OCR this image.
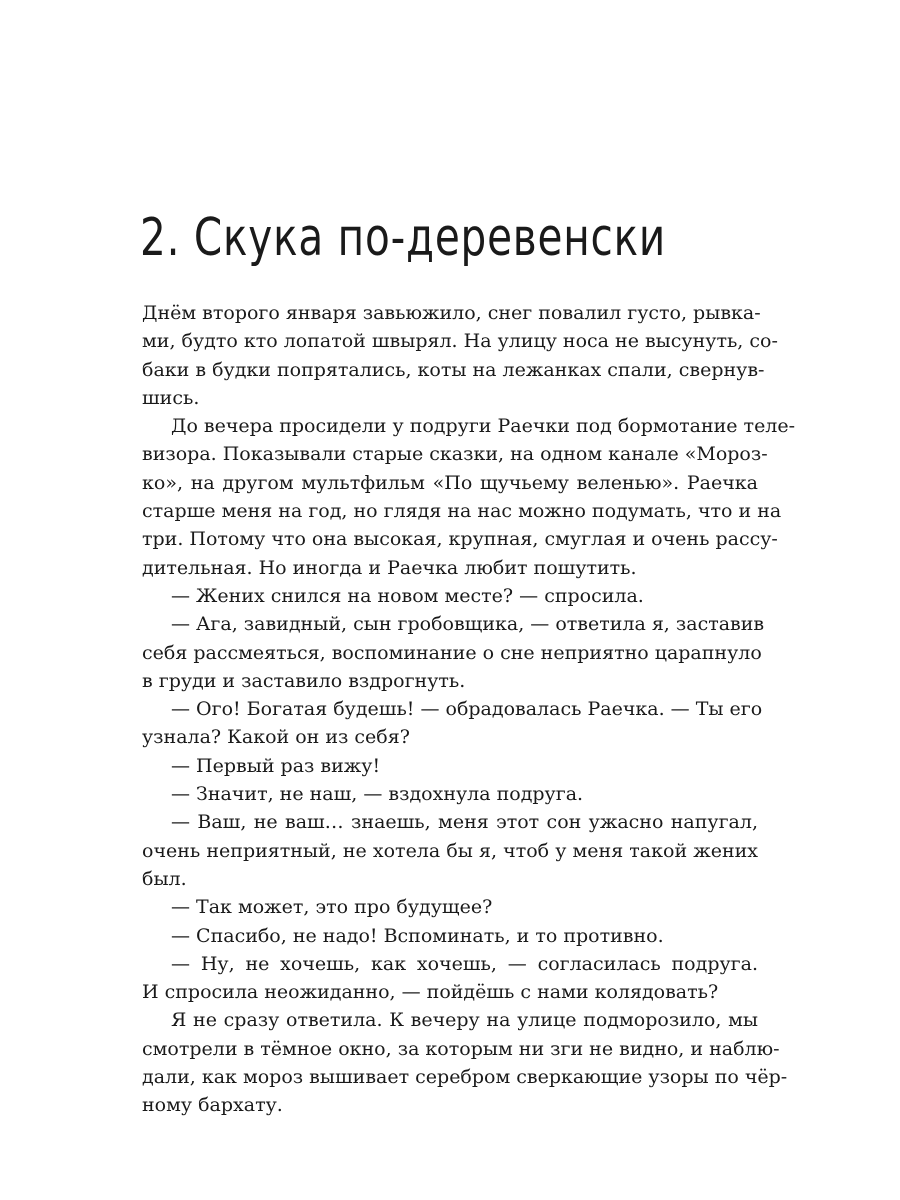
2. Скука по-деревенски

Днём второго января завьюжило, снег повалил густо, рывка-
ми, будто кто лопатой швырял. На улицу носа не высунуть, со-
баки в будки попрятались, коты на лежанках спали, свернув-
шись.

До вечера просидели у подруги Раечки под бормотание теле-
визора. Показывали старые сказки, на одном канале «Мороз-
ко», на другом мультфильм «По щучьему веленью». Раечка
старше меня на год, но глядя на нас можно подумать, что и на
три. Потому что она высокая, крупная, смуглая и очень рассу-
дительная. Но иногда и Раечка любит пошутить.

— Жених снился на новом месте? — спросила.

— Ага, завидный, сын гробовщика, — ответила я, заставив
себя рассмеяться, воспоминание о сне неприятно царапнуло
в груди и заставило вздрогнуть.

— Ого! Богатая будешь! — обрадовалась Раечка. — Ты его
узнала? Какой он из себя?

— Первый раз вижу!

— Значит, не наш, — вздохнула подруга.

— Ваш, не ваш… знаешь, меня этот сон ужасно напугал,
очень неприятный, не хотела бы я, чтоб у меня такой жених
был.

— Так может, это про будущее?

— Спасибо, не надо! Вспоминать, и то противно.

— Ну, не хочешь, как хочешь, — согласилась подруга.
И спросила неожиданно, — пойдёшь с нами колядовать?

Я не сразу ответила. К вечеру на улице подморозило, мы
смотрели в тёмное окно, за которым ни зги не видно, и наблю-
дали, как мороз вышивает серебром сверкающие узоры по чёр-
ному бархату.
